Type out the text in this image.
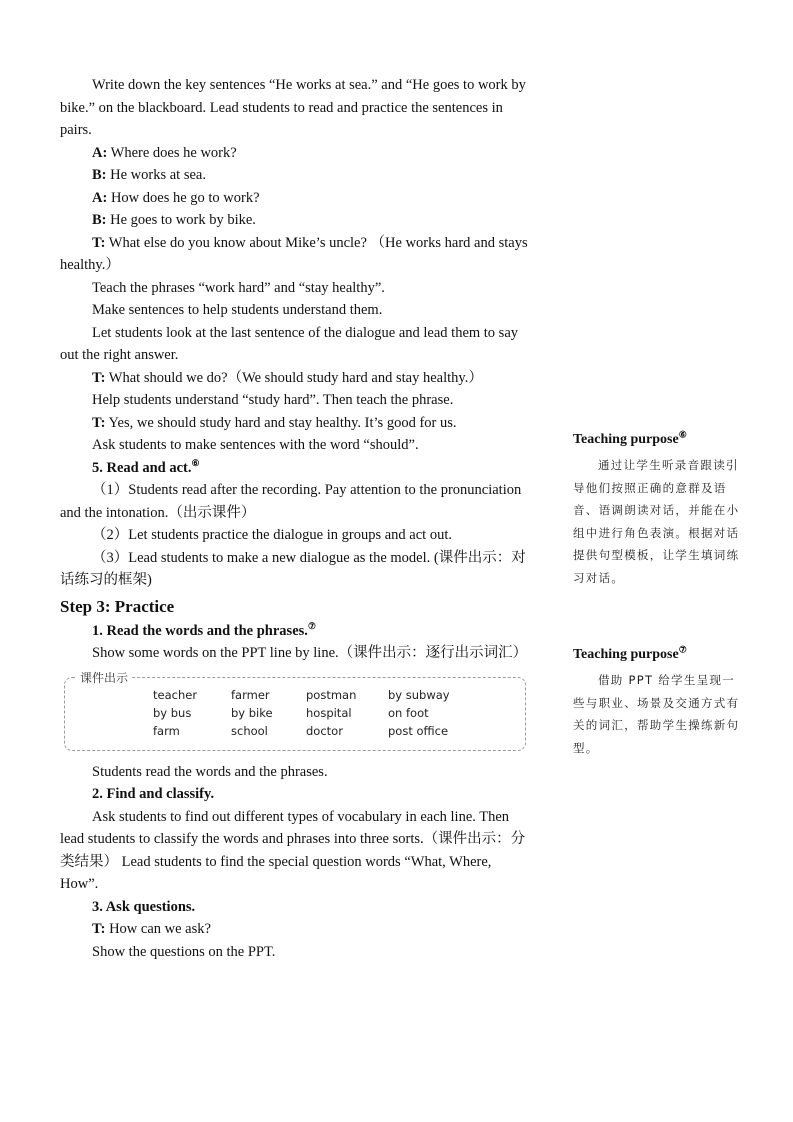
Write down the key sentences “He works at sea.” and “He goes to work by bike.” on the blackboard. Lead students to read and practice the sentences in pairs.

A: Where does he work?

B: He works at sea.

A: How does he go to work?

B: He goes to work by bike.

T: What else do you know about Mike’s uncle? （He works hard and stays healthy.）

Teach the phrases “work hard” and “stay healthy”.

Make sentences to help students understand them.

Let students look at the last sentence of the dialogue and lead them to say out the right answer.

T: What should we do?（We should study hard and stay healthy.）

Help students understand “study hard”. Then teach the phrase.

T: Yes, we should study hard and stay healthy. It’s good for us.

Ask students to make sentences with the word “should”.

5. Read and act.⑥

（1）Students read after the recording. Pay attention to the pronunciation and the intonation.（出示课件）

（2）Let students practice the dialogue in groups and act out.

（3）Lead students to make a new dialogue as the model. (课件出示：对话练习的框架)

Step 3: Practice

1. Read the words and the phrases.⑦

Show some words on the PPT line by line.（课件出示：逐行出示词汇）

课件出示
teacher	farmer	postman	by subway
by bus	by bike	hospital	on foot
farm	school	doctor	post office

Students read the words and the phrases.

2. Find and classify.

Ask students to find out different types of vocabulary in each line. Then lead students to classify the words and phrases into three sorts.（课件出示：分类结果） Lead students to find the special question words “What, Where, How”.

3. Ask questions.

T: How can we ask?

Show the questions on the PPT.

Teaching purpose⑥

通过让学生听录音跟读引导他们按照正确的意群及语音、语调朗读对话，并能在小组中进行角色表演。根据对话提供句型模板，让学生填词练习对话。

Teaching purpose⑦

借助 PPT 给学生呈现一些与职业、场景及交通方式有关的词汇，帮助学生操练新句型。
